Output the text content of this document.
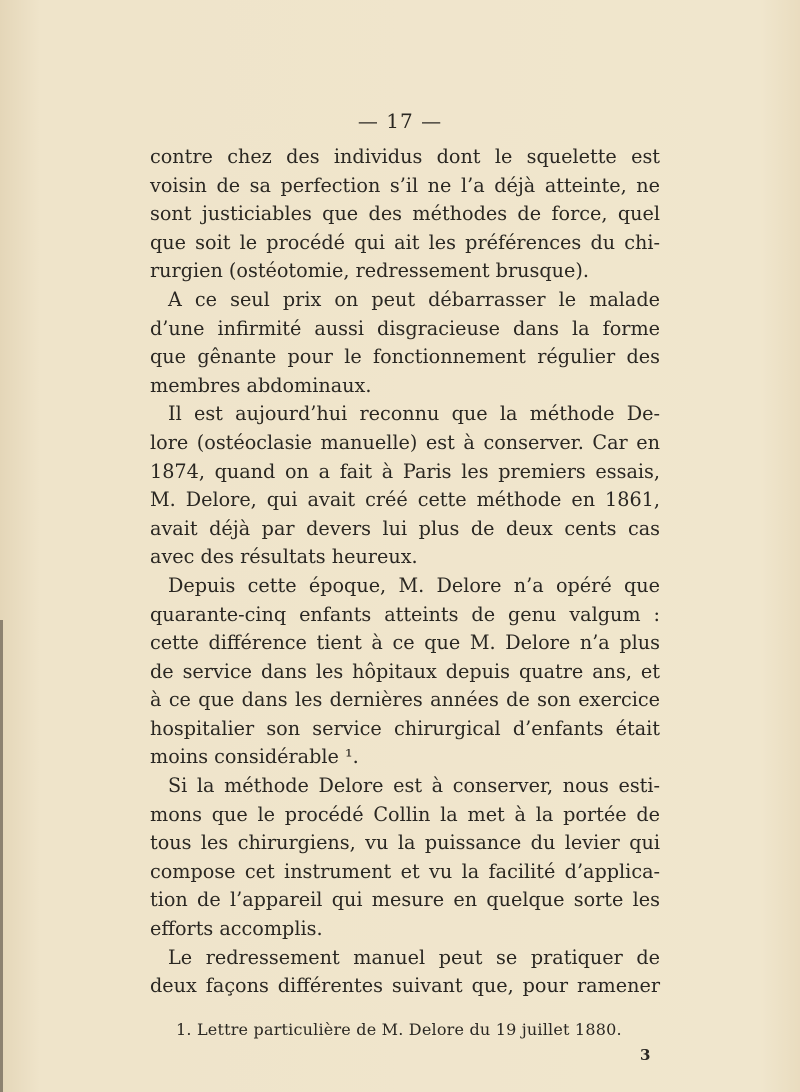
— 17 —
contre chez des individus dont le squelette est
voisin de sa perfection s’il ne l’a déjà atteinte, ne
sont justiciables que des méthodes de force, quel
que soit le procédé qui ait les préférences du chi-
rurgien (ostéotomie, redressement brusque).
A ce seul prix on peut débarrasser le malade
d’une infirmité aussi disgracieuse dans la forme
que gênante pour le fonctionnement régulier des
membres abdominaux.
Il est aujourd’hui reconnu que la méthode De-
lore (ostéoclasie manuelle) est à conserver. Car en
1874, quand on a fait à Paris les premiers essais,
M. Delore, qui avait créé cette méthode en 1861,
avait déjà par devers lui plus de deux cents cas
avec des résultats heureux.
Depuis cette époque, M. Delore n’a opéré que
quarante-cinq enfants atteints de genu valgum :
cette différence tient à ce que M. Delore n’a plus
de service dans les hôpitaux depuis quatre ans, et
à ce que dans les dernières années de son exercice
hospitalier son service chirurgical d’enfants était
moins considérable ¹.
Si la méthode Delore est à conserver, nous esti-
mons que le procédé Collin la met à la portée de
tous les chirurgiens, vu la puissance du levier qui
compose cet instrument et vu la facilité d’applica-
tion de l’appareil qui mesure en quelque sorte les
efforts accomplis.
Le redressement manuel peut se pratiquer de
deux façons différentes suivant que, pour ramener
1. Lettre particulière de M. Delore du 19 juillet 1880.
3
